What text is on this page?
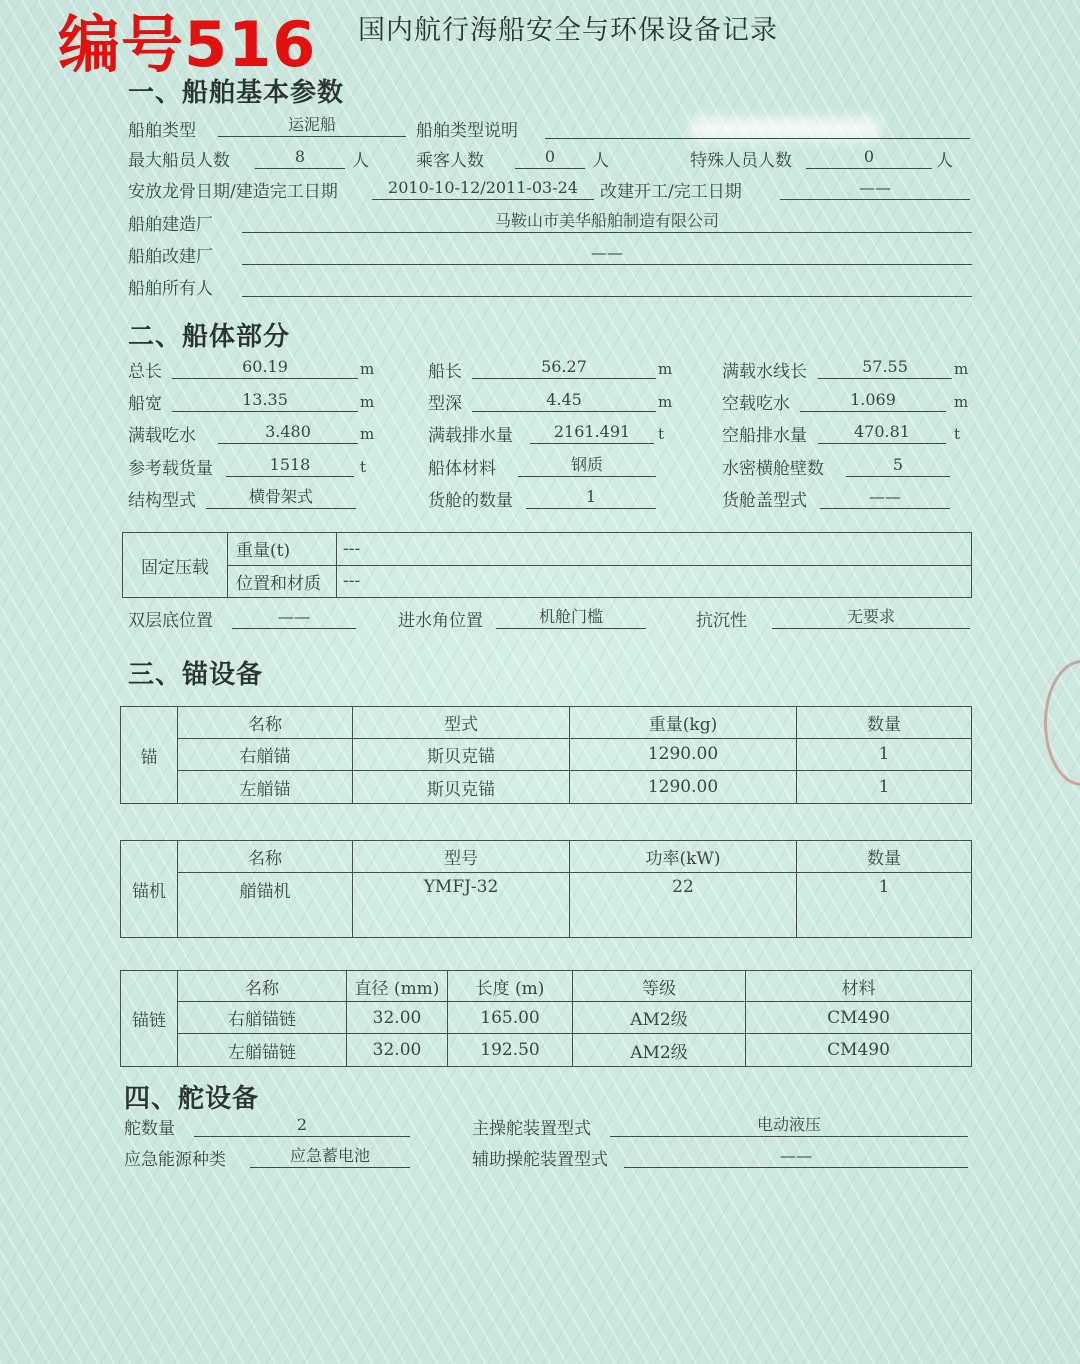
编号516 国内航行海船安全与环保设备记录
一、船舶基本参数
船舶类型	运泥船	船舶类型说明
最大船员人数	8	人	乘客人数	0	人	特殊人员人数	0	人
安放龙骨日期/建造完工日期	2010-10-12/2011-03-24	改建开工/完工日期	——
船舶建造厂	马鞍山市美华船舶制造有限公司
船舶改建厂	——
船舶所有人
二、船体部分
总长	60.19	m	船长	56.27	m	满载水线长	57.55	m
船宽	13.35	m	型深	4.45	m	空载吃水	1.069	m
满载吃水	3.480	m	满载排水量	2161.491	t	空船排水量	470.81	t
参考载货量	1518	t	船体材料	钢质	水密横舱壁数	5
结构型式	横骨架式	货舱的数量	1	货舱盖型式	——
固定压载	重量(t)	---
	位置和材质	---
双层底位置	——	进水角位置	机舱门槛	抗沉性	无要求
三、锚设备
锚	名称	型式	重量(kg)	数量
	右艏锚	斯贝克锚	1290.00	1
	左艏锚	斯贝克锚	1290.00	1
锚机	名称	型号	功率(kW)	数量
	艏锚机	YMFJ-32	22	1
锚链	名称	直径 (mm)	长度 (m)	等级	材料
	右艏锚链	32.00	165.00	AM2级	CM490
	左艏锚链	32.00	192.50	AM2级	CM490
四、舵设备
舵数量	2	主操舵装置型式	电动液压
应急能源种类	应急蓄电池	辅助操舵装置型式	——
